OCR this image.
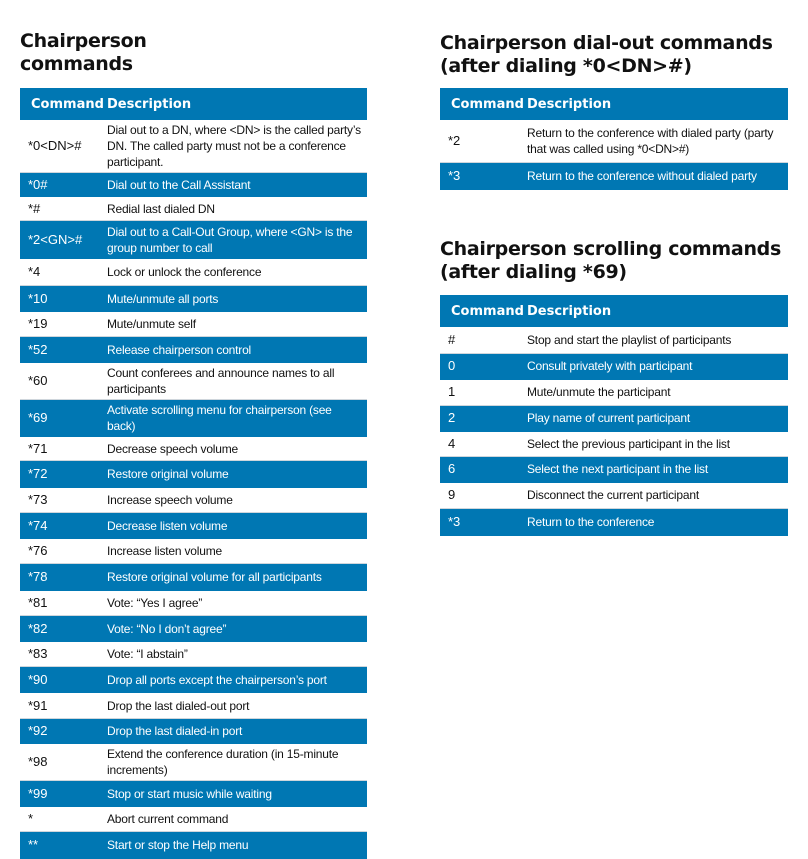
Chairperson
commands
Command	Description
*0<DN>#	Dial out to a DN, where <DN> is the called party’s DN. The called party must not be a conference participant.
*0#	Dial out to the Call Assistant
*#	Redial last dialed DN
*2<GN>#	Dial out to a Call-Out Group, where <GN> is the group number to call
*4	Lock or unlock the conference
*10	Mute/unmute all ports
*19	Mute/unmute self
*52	Release chairperson control
*60	Count conferees and announce names to all participants
*69	Activate scrolling menu for chairperson (see back)
*71	Decrease speech volume
*72	Restore original volume
*73	Increase speech volume
*74	Decrease listen volume
*76	Increase listen volume
*78	Restore original volume for all participants
*81	Vote: “Yes I agree”
*82	Vote: “No I don’t agree”
*83	Vote: “I abstain”
*90	Drop all ports except the chairperson’s port
*91	Drop the last dialed-out port
*92	Drop the last dialed-in port
*98	Extend the conference duration (in 15-minute increments)
*99	Stop or start music while waiting
*	Abort current command
**	Start or stop the Help menu
Chairperson dial-out commands
(after dialing *0<DN>#)
Command	Description
*2	Return to the conference with dialed party (party that was called using *0<DN>#)
*3	Return to the conference without dialed party
Chairperson scrolling commands
(after dialing *69)
Command	Description
#	Stop and start the playlist of participants
0	Consult privately with participant
1	Mute/unmute the participant
2	Play name of current participant
4	Select the previous participant in the list
6	Select the next participant in the list
9	Disconnect the current participant
*3	Return to the conference
